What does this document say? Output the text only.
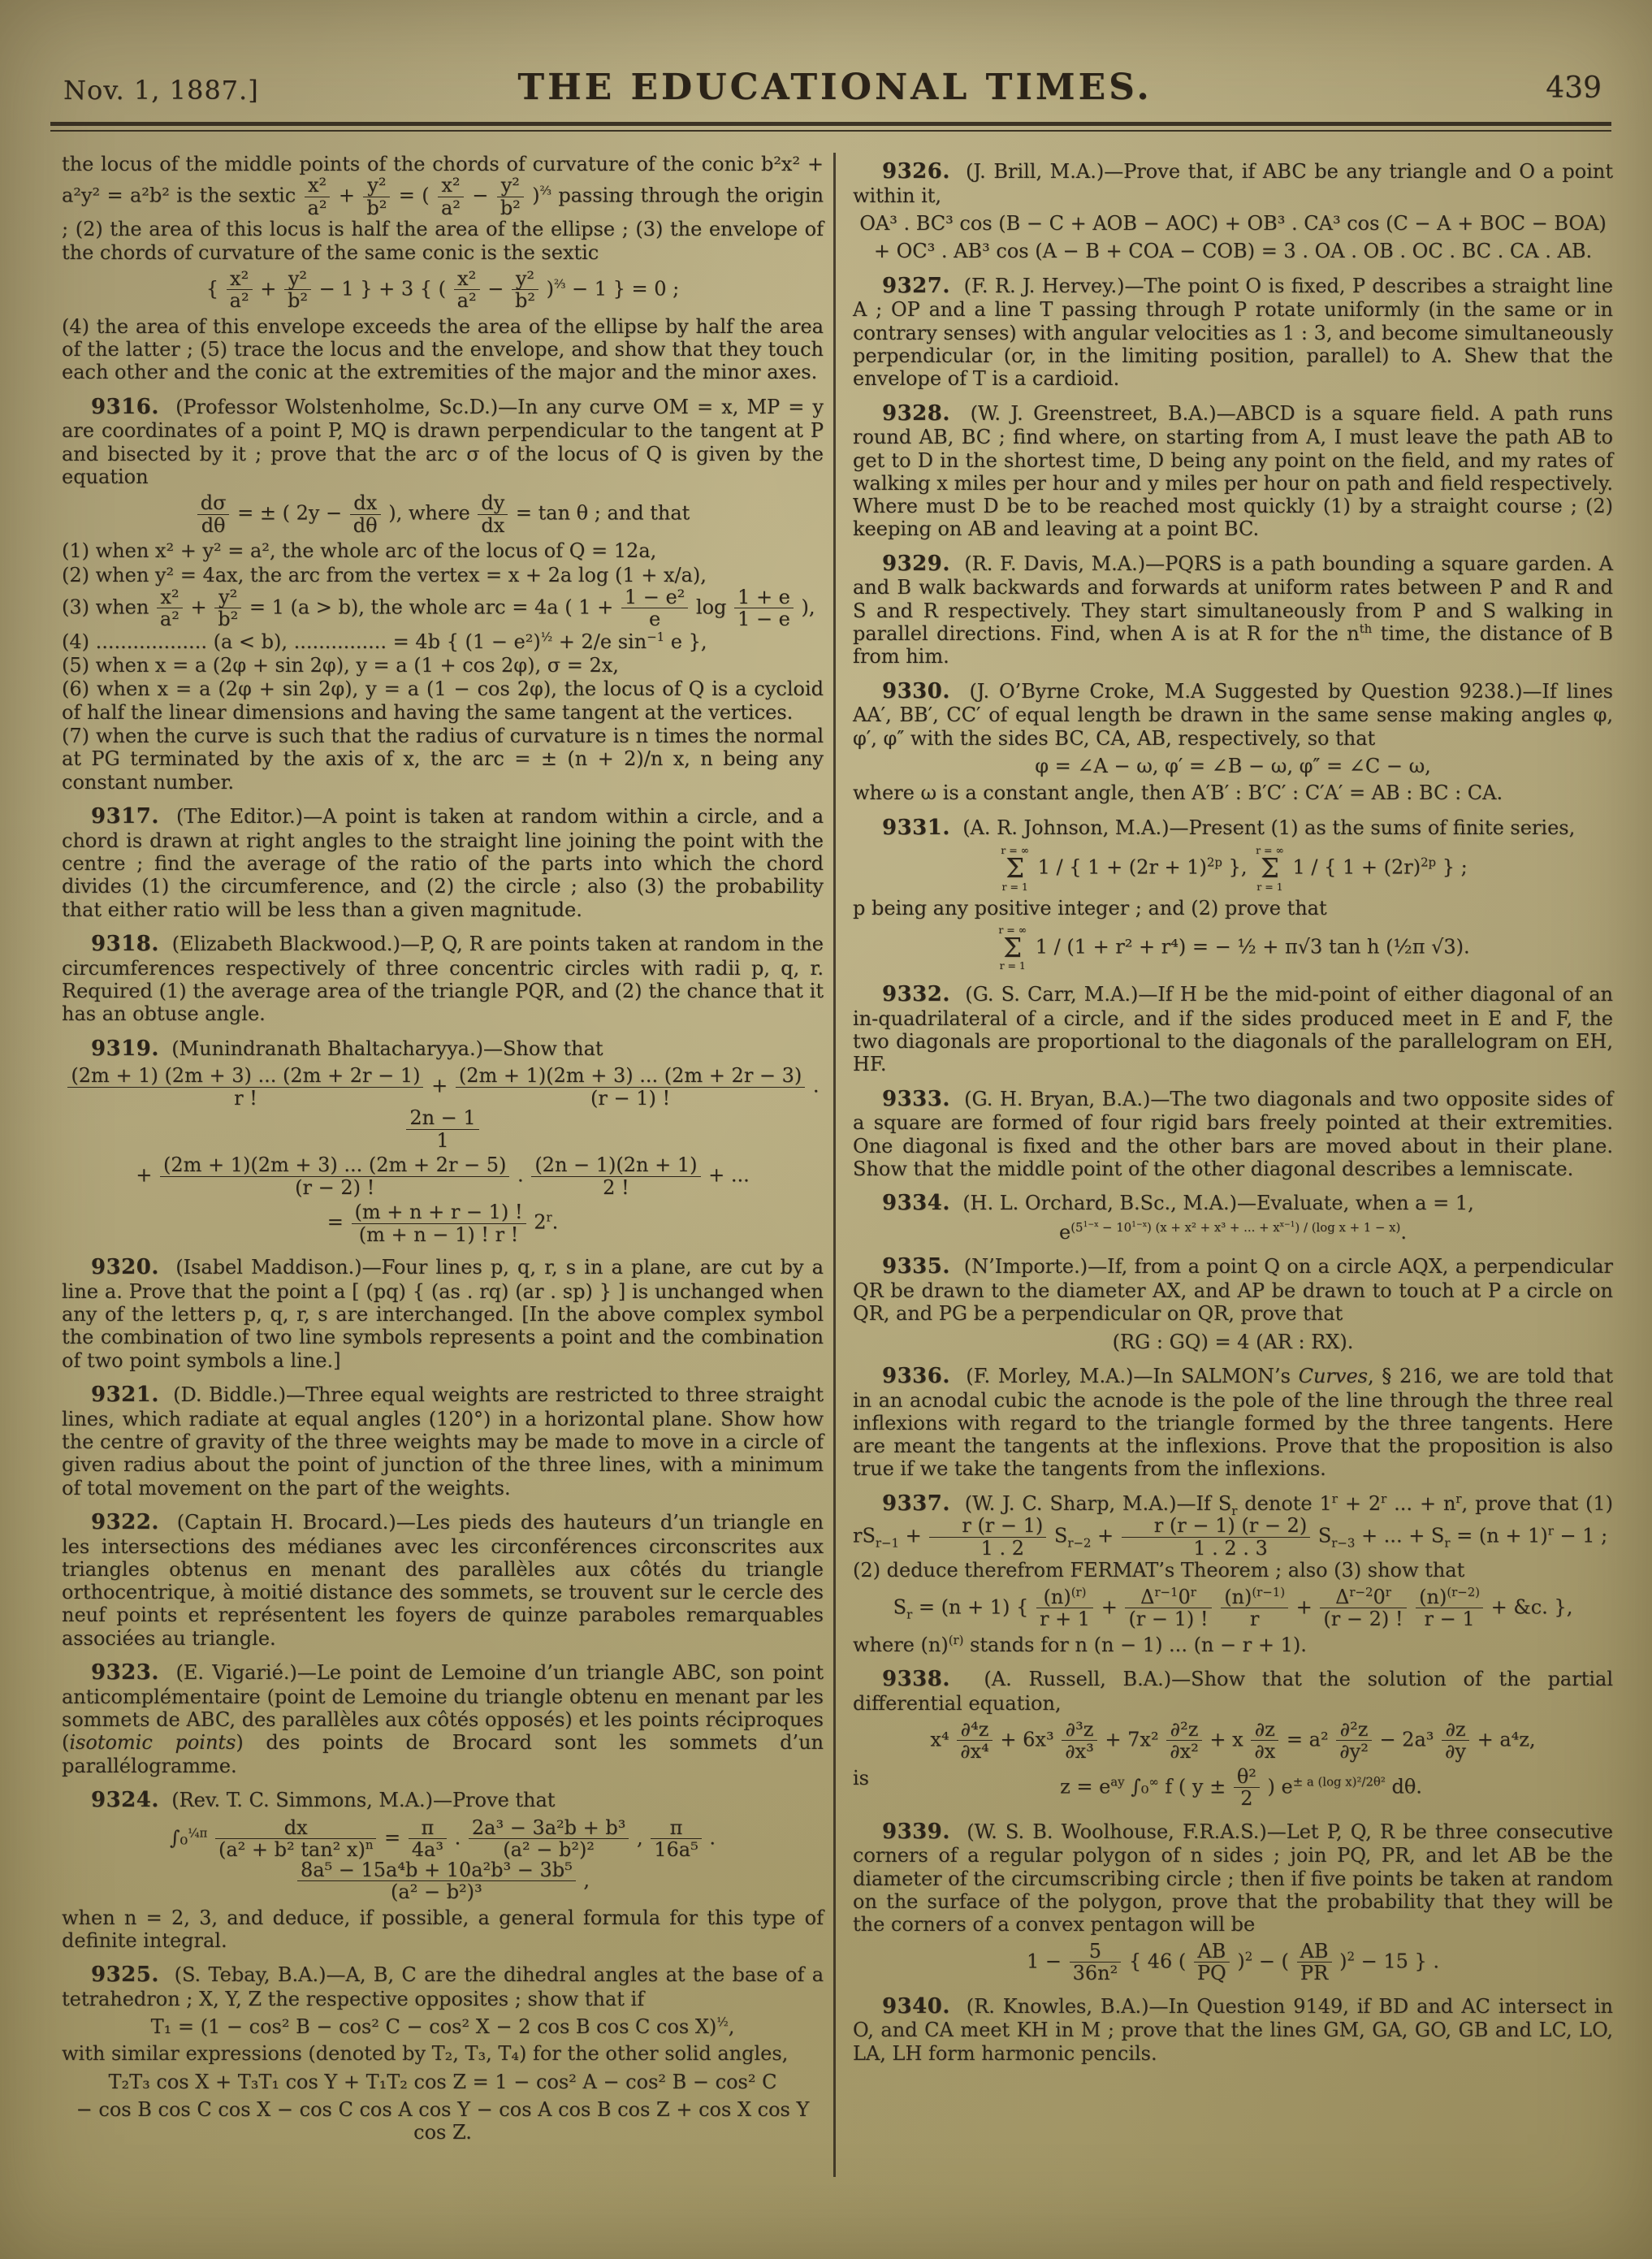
Nov. 1, 1887.]	THE EDUCATIONAL TIMES.	439
the locus of the middle points of the chords of curvature of the conic b²x² + a²y² = a²b² is the sextic $\frac{\text{x²}}{\text{a²}} + \frac{\text{y²}}{\text{b²}}$ = ( $\frac{\text{x²}}{\text{a²}} - \frac{\text{y²}}{\text{b²}} )^{\frac{2}{3}}$ passing through the origin ; (2) the area of this locus is half the area of the ellipse ; (3) the envelope of the chords of curvature of the same conic is the sextic
{ $\frac{\text{x²}}{\text{a²}} + \frac{\text{y²}}{\text{b²}} - 1$ } + 3 { ( $\frac{\text{x²}}{\text{a²}} - \frac{\text{y²}}{\text{b²}} )^{\frac{2}{3}} - 1$ } = 0 ;
(4) the area of this envelope exceeds the area of the ellipse by half the area of the latter ; (5) trace the locus and the envelope, and show that they touch each other and the conic at the extremities of the major and the minor axes.
9316. (Professor Wolstenholme, Sc.D.)—In any curve OM = x, MP = y are coordinates of a point P, MQ is drawn perpendicular to the tangent at P and bisected by it ; prove that the arc σ of the locus of Q is given by the equation
$\frac{d\sigma}{d\theta}$ = ± ( $2y - \frac{dx}{d\theta}$ ), where $\frac{dy}{dx} = \tan \theta$ ; and that
(1) when x² + y² = a², the whole arc of the locus of Q = 12a,
(2) when y² = 4ax, the arc from the vertex = x + 2a log (1 + x/a),
(3) when $\frac{\text{x²}}{\text{a²}} + \frac{\text{y²}}{\text{b²}} = 1$ (a > b), the whole arc = 4a ( $1 + \frac{\text{1 − e²}}{e}$ $\log \frac{1 + e}{1 - e}$ ),
(4) .................. (a < b), ............... = 4b { $(1 - e^2)^{\frac{1}{2}} + 2/e$ $\sin^{-1} e$ },
(5) when x = a (2φ + sin 2φ), y = a (1 + cos 2φ), σ = 2x,
(6) when x = a (2φ + sin 2φ), y = a (1 − cos 2φ), the locus of Q is a cycloid of half the linear dimensions and having the same tangent at the vertices.
(7) when the curve is such that the radius of curvature is n times the normal at PG terminated by the axis of x, the arc = ± (n + 2)/n x, n being any constant number.
9317. (The Editor.)—A point is taken at random within a circle, and a chord is drawn at right angles to the straight line joining the point with the centre ; find the average of the ratio of the parts into which the chord divides (1) the circumference, and (2) the circle ; also (3) the probability that either ratio will be less than a given magnitude.
9318. (Elizabeth Blackwood.)—P, Q, R are points taken at random in the circumferences respectively of three concentric circles with radii p, q, r. Required (1) the average area of the triangle PQR, and (2) the chance that it has an obtuse angle.
9319. (Munindranath Bhaltacharyya.)—Show that
$\frac{(2m + 1) (2m + 3) ... (2m + 2r - 1)}{r !} + \frac{(2m + 1)(2m + 3) ... (2m + 2r - 3)}{(r - 1) !}$ .
$\frac{2n - 1}{1}$
+ $\frac{(2m + 1)(2m + 3) ... (2m + 2r - 5)}{(r - 2) !}$ . $\frac{(2n - 1)(2n + 1)}{2 !}$ + ...
= $\frac{(m + n + r - 1) !}{(m + n - 1) ! r !} 2^r$.
9320. (Isabel Maddison.)—Four lines p, q, r, s in a plane, are cut by a line a. Prove that the point a [ (pq) { (as . rq) (ar . sp) } ] is unchanged when any of the letters p, q, r, s are interchanged. [In the above complex symbol the combination of two line symbols represents a point and the combination of two point symbols a line.]
9321. (D. Biddle.)—Three equal weights are restricted to three straight lines, which radiate at equal angles (120°) in a horizontal plane. Show how the centre of gravity of the three weights may be made to move in a circle of given radius about the point of junction of the three lines, with a minimum of total movement on the part of the weights.
9322. (Captain H. Brocard.)—Les pieds des hauteurs d’un triangle en les intersections des médianes avec les circonférences circonscrites aux triangles obtenus en menant des parallèles aux côtés du triangle orthocentrique, à moitié distance des sommets, se trouvent sur le cercle des neuf points et représentent les foyers de quinze paraboles remarquables associées au triangle.
9323. (E. Vigarié.)—Le point de Lemoine d’un triangle ABC, son point anticomplémentaire (point de Lemoine du triangle obtenu en menant par les sommets de ABC, des parallèles aux côtés opposés) et les points réciproques (isotomic points) des points de Brocard sont les sommets d’un parallélogramme.
9324. (Rev. T. C. Simmons, M.A.)—Prove that
$\int_0^{\frac{1}{4}\pi} \frac{dx}{(a^2 + b^2 \tan^2 x)^n} = \frac{\pi}{\text{4a³}}$ . $\frac{\text{2a³ − 3a²b + b³}}{\text{(a² − b²)²}}$ , $\frac{\pi}{\text{16a⁵}}$ .
$\frac{\text{8a⁵ − 15a⁴b + 10a²b³ − 3b⁵}}{\text{(a² − b²)³}}$ ,
when n = 2, 3, and deduce, if possible, a general formula for this type of definite integral.
9325. (S. Tebay, B.A.)—A, B, C are the dihedral angles at the base of a tetrahedron ; X, Y, Z the respective opposites ; show that if
T₁ = (1 − cos² B − cos² C − cos² X − 2 cos B cos C cos X)$^{\frac{1}{2}}$,
with similar expressions (denoted by T₂, T₃, T₄) for the other solid angles,
T₂T₃ cos X + T₃T₁ cos Y + T₁T₂ cos Z = 1 − cos² A − cos² B − cos² C
− cos B cos C cos X − cos C cos A cos Y − cos A cos B cos Z + cos X cos Y cos Z.
9326. (J. Brill, M.A.)—Prove that, if ABC be any triangle and O a point within it,
OA³ . BC³ cos (B − C + AOB − AOC) + OB³ . CA³ cos (C − A + BOC − BOA)
+ OC³ . AB³ cos (A − B + COA − COB) = 3 . OA . OB . OC . BC . CA . AB.
9327. (F. R. J. Hervey.)—The point O is fixed, P describes a straight line A ; OP and a line T passing through P rotate uniformly (in the same or in contrary senses) with angular velocities as 1 : 3, and become simultaneously perpendicular (or, in the limiting position, parallel) to A. Shew that the envelope of T is a cardioid.
9328. (W. J. Greenstreet, B.A.)—ABCD is a square field. A path runs round AB, BC ; find where, on starting from A, I must leave the path AB to get to D in the shortest time, D being any point on the field, and my rates of walking x miles per hour and y miles per hour on path and field respectively. Where must D be to be reached most quickly (1) by a straight course ; (2) keeping on AB and leaving at a point BC.
9329. (R. F. Davis, M.A.)—PQRS is a path bounding a square garden. A and B walk backwards and forwards at uniform rates between P and R and S and R respectively. They start simultaneously from P and S walking in parallel directions. Find, when A is at R for the $n^{th}$ time, the distance of B from him.
9330. (J. O’Byrne Croke, M.A Suggested by Question 9238.)—If lines AA′, BB′, CC′ of equal length be drawn in the same sense making angles φ, φ′, φ″ with the sides BC, CA, AB, respectively, so that
φ = ∠A − ω, φ′ = ∠B − ω, φ″ = ∠C − ω,
where ω is a constant angle, then A′B′ : B′C′ : C′A′ = AB : BC : CA.
9331. (A. R. Johnson, M.A.)—Present (1) as the sums of finite series,
r = ∞
Σ
r = 1
1 / { $1 + (2r + 1)^{2p}$ },
r = ∞
Σ
r = 1
1 / { $1 + (2r)^{2p}$ } ;
p being any positive integer ; and (2) prove that
r = ∞
Σ
r = 1
1 / (1 + r² + r⁴) = − ½ + π√3 tan h (½π √3).
9332. (G. S. Carr, M.A.)—If H be the mid-point of either diagonal of an in-quadrilateral of a circle, and if the sides produced meet in E and F, the two diagonals are proportional to the diagonals of the parallelogram on EH, HF.
9333. (G. H. Bryan, B.A.)—The two diagonals and two opposite sides of a square are formed of four rigid bars freely pointed at their extremities. One diagonal is fixed and the other bars are moved about in their plane. Show that the middle point of the other diagonal describes a lemniscate.
9334. (H. L. Orchard, B.Sc., M.A.)—Evaluate, when a = 1,
$e^{(5^{1-x} - 10^{1-x}) (x + x^2 + x^3 + ... + x^{x-1}) / (log x + 1 - x)}$.
9335. (N’Importe.)—If, from a point Q on a circle AQX, a perpendicular QR be drawn to the diameter AX, and AP be drawn to touch at P a circle on QR, and PG be a perpendicular on QR, prove that
(RG : GQ) = 4 (AR : RX).
9336. (F. Morley, M.A.)—In SALMON’s Curves, § 216, we are told that in an acnodal cubic the acnode is the pole of the line through the three real inflexions with regard to the triangle formed by the three tangents. Here are meant the tangents at the inflexions. Prove that the proposition is also true if we take the tangents from the inflexions.
9337. (W. J. C. Sharp, M.A.)—If $S_r$ denote $1^r + 2^r$ ... + $n^r$, prove that (1) $rS_{r-1} + \frac{r (r - 1)}{1 . 2} S_{r-2} + \frac{r (r - 1) (r - 2)}{1 . 2 . 3} S_{r-3}$ + ... + $S_r = (n + 1)^r - 1$ ;
(2) deduce therefrom FERMAT’s Theorem ; also (3) show that
$S_r = (n + 1)$ { $\frac{(n)^{(r)}}{r + 1} + \frac{\Delta^{r-1}0^r}{(r - 1) !}$
$\frac{(n)^{(r-1)}}{r} + \frac{\Delta^{r-2}0^r}{(r - 2) !}$
$\frac{(n)^{(r-2)}}{r - 1}$ + &c. },
where $(n)^{(r)}$ stands for n (n − 1) ... (n − r + 1).
9338. (A. Russell, B.A.)—Show that the solution of the partial differential equation,
$x^4 \frac{\text{∂⁴z}}{\text{∂x⁴}} + 6x^3 \frac{\text{∂³z}}{\text{∂x³}} + 7x^2 \frac{\text{∂²z}}{\text{∂x²}} + x \frac{\partial z}{\partial x} = a^2 \frac{\text{∂²z}}{\text{∂y²}} - 2a^3 \frac{\partial z}{\partial y} + a^4z$,
is	$z = e^{ay}$ ∫₀∞ f ( $y \pm \frac{\text{θ²}}{2}$ ) $e^{\pm a (log x)^2/2\theta^2}$ dθ.
9339. (W. S. B. Woolhouse, F.R.A.S.)—Let P, Q, R be three consecutive corners of a regular polygon of n sides ; join PQ, PR, and let AB be the diameter of the circumscribing circle ; then if five points be taken at random on the surface of the polygon, prove that the probability that they will be the corners of a convex pentagon will be
$1 - \frac{5}{\text{36n²}}$ { 46 ( $\frac{AB}{PQ} )^2$ − ( $\frac{AB}{PR} )^2 - 15$ } .
9340. (R. Knowles, B.A.)—In Question 9149, if BD and AC intersect in O, and CA meet KH in M ; prove that the lines GM, GA, GO, GB and LC, LO, LA, LH form harmonic pencils.
